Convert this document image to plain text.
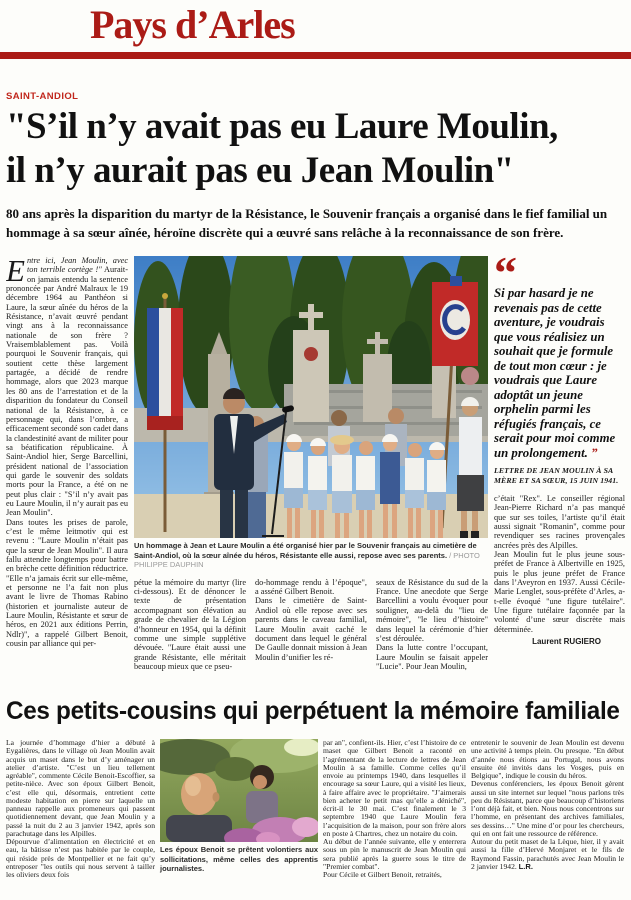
Pays d’Arles
SAINT-ANDIOL
"S’il n’y avait pas eu Laure Moulin,
il n’y aurait pas eu Jean Moulin"
80 ans après la disparition du martyr de la Résistance, le Souvenir français a organisé dans le fief familial un hommage à sa sœur aînée, héroïne discrète qui a œuvré sans relâche à la reconnaissance de son frère.

Entre ici, Jean Moulin, avec ton terrible cortège !" Aurait-on jamais entendu la sentence prononcée par André Malraux le 19 décembre 1964 au Panthéon si Laure, la sœur aînée du héros de la Résistance, n’avait œuvré pendant vingt ans à la reconnaissance nationale de son frère ? Vraisemblablement pas. Voilà pourquoi le Souvenir français, qui soutient cette thèse largement partagée, a décidé de rendre hommage, alors que 2023 marque les 80 ans de l’arrestation et de la disparition du fondateur du Conseil national de la Résistance, à ce personnage qui, dans l’ombre, a efficacement secondé son cadet dans la clandestinité avant de militer pour sa béatification républicaine. À Saint-Andiol hier, Serge Barcellini, président national de l’association qui garde le souvenir des soldats morts pour la France, a été on ne peut plus clair : "S’il n’y avait pas eu Laure Moulin, il n’y aurait pas eu Jean Moulin".

Dans toutes les prises de parole, c’est le même leitmotiv qui est revenu : "Laure Moulin n’était pas que la sœur de Jean Moulin". Il aura fallu attendre longtemps pour battre en brèche cette définition réductrice. "Elle n’a jamais écrit sur elle-même, et personne ne l’a fait non plus avant le livre de Thomas Rabino (historien et journaliste auteur de Laure Moulin, Résistante et sœur de héros, en 2021 aux éditions Perrin, Ndlr)", a rappelé Gilbert Benoit, cousin par alliance qui per-

Un hommage à Jean et Laure Moulin a été organisé hier par le Souvenir français au cimetière de Saint-Andiol, où la sœur aînée du héros, Résistante elle aussi, repose avec ses parents. / PHOTO PHILIPPE DAUPHIN

pétue la mémoire du martyr (lire ci-dessous). Et de dénoncer le texte de présentation accompagnant son élévation au grade de chevalier de la Légion d’honneur en 1954, qui la définit comme une simple supplétive dévouée. "Laure était aussi une grande Résistante, elle méritait beaucoup mieux que ce pseu-

do-hommage rendu à l’époque", a asséné Gilbert Benoit.

Dans le cimetière de Saint-Andiol où elle repose avec ses parents dans le caveau familial, Laure Moulin avait caché le document dans lequel le général De Gaulle donnait mission à Jean Moulin d’unifier les ré-

seaux de Résistance du sud de la France. Une anecdote que Serge Barcellini a voulu évoquer pour souligner, au-delà du "lieu de mémoire", "le lieu d’histoire" dans lequel la cérémonie d’hier s’est déroulée.

Dans la lutte contre l’occupant, Laure Moulin se faisait appeler "Lucie". Pour Jean Moulin,

“
Si par hasard je ne revenais pas de cette aventure, je voudrais que vous réalisiez un souhait que je formule de tout mon cœur : je voudrais que Laure adoptât un jeune orphelin parmi les réfugiés français, ce serait pour moi comme un prolongement. ”
LETTRE DE JEAN MOULIN À SA MÈRE ET SA SŒUR, 15 JUIN 1941.

c’était "Rex". Le conseiller régional Jean-Pierre Richard n’a pas manqué que sur ses toiles, l’artiste qu’il était aussi signait "Romanin", comme pour revendiquer ses racines provençales ancrées près des Alpilles.

Jean Moulin fut le plus jeune sous-préfet de France à Albertville en 1925, puis le plus jeune préfet de France dans l’Aveyron en 1937. Aussi Cécile-Marie Lenglet, sous-préfète d’Arles, a-t-elle évoqué "une figure tutélaire". Une figure tutélaire façonnée par la volonté d’une sœur discrète mais déterminée.

Laurent RUGIERO
Ces petits-cousins qui perpétuent la mémoire familiale

La journée d’hommage d’hier a débuté à Eygalières, dans le village où Jean Moulin avait acquis un maset dans le but d’y aménager un atelier d’artiste. "C’est un lieu tellement agréable", commente Cécile Benoit-Escoffier, sa petite-nièce. Avec son époux Gilbert Benoit, c’est elle qui, désormais, entretient cette modeste habitation en pierre sur laquelle un panneau rappelle aux promeneurs qui passent quotidiennement devant, que Jean Moulin y a passé la nuit du 2 au 3 janvier 1942, après son parachutage dans les Alpilles.

Dépourvue d’alimentation en électricité et en eau, la bâtisse n’est pas habitée par le couple, qui réside près de Montpellier et ne fait qu’y entreposer "les outils qui nous servent à tailler les oliviers deux fois

Les époux Benoit se prêtent volontiers aux sollicitations, même celles des apprentis journalistes.

par an", confient-ils. Hier, c’est l’histoire de ce maset que Gilbert Benoit a raconté en l’agrémentant de la lecture de lettres de Jean Moulin à sa famille. Comme celles qu’il envoie au printemps 1940, dans lesquelles il encourage sa sœur Laure, qui a visité les lieux, à faire affaire avec le propriétaire. "J’aimerais bien acheter le petit mas qu’elle a déniché", écrit-il le 30 mai. C’est finalement le 3 septembre 1940 que Laure Moulin fera l’acquisition de la maison, pour son frère alors en poste à Chartres, chez un notaire du coin.

Au début de l’année suivante, elle y enterrera sous un pin le manuscrit de Jean Moulin qui sera publié après la guerre sous le titre de "Premier combat".

Pour Cécile et Gilbert Benoit, retraités,

entretenir le souvenir de Jean Moulin est devenu une activité à temps plein. Ou presque. "En début d’année nous étions au Portugal, nous avons ensuite été invités dans les Vosges, puis en Belgique", indique le cousin du héros.

Devenus conférenciers, les époux Benoit gèrent aussi un site internet sur lequel "nous parlons très peu du Résistant, parce que beaucoup d’historiens l’ont déjà fait, et bien. Nous nous concentrons sur l’homme, en présentant des archives familiales, ses dessins…" Une mine d’or pour les chercheurs, qui en ont fait une ressource de référence.

Autour du petit maset de la Lèque, hier, il y avait aussi la fille d’Hervé Monjaret et le fils de Raymond Fassin, parachutés avec Jean Moulin le 2 janvier 1942. L.R.
